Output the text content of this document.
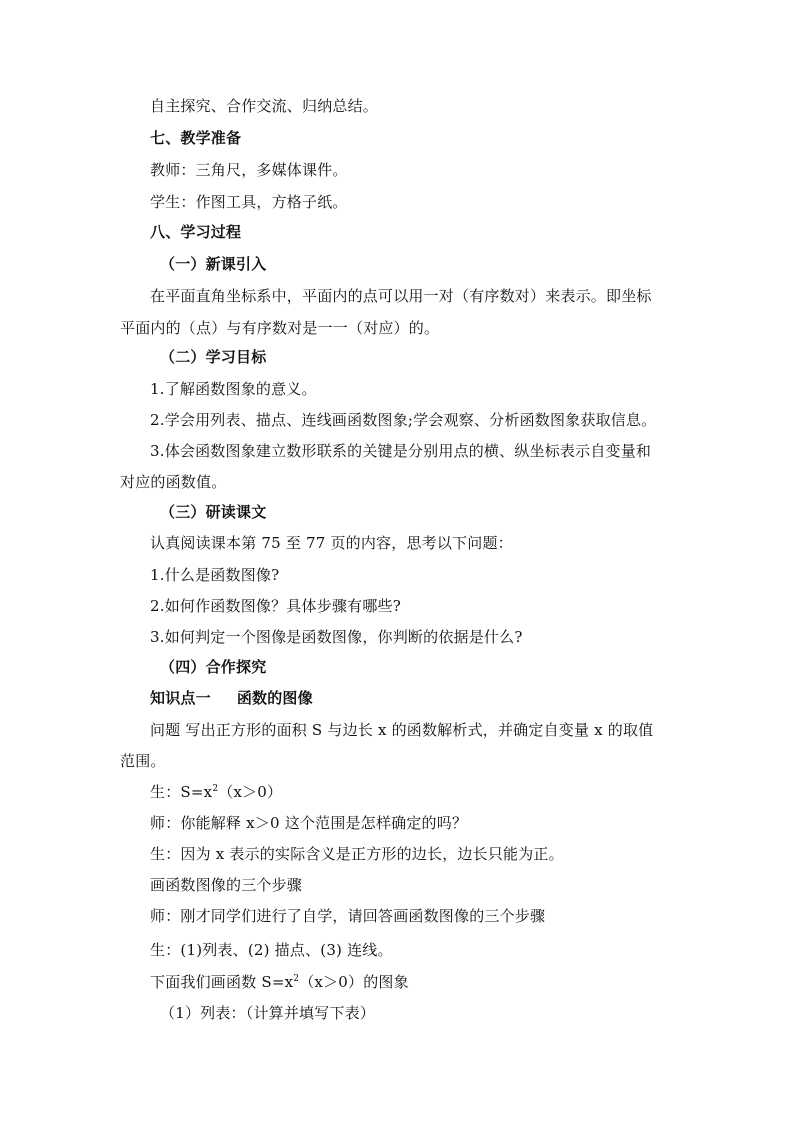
自主探究、合作交流、归纳总结。
七、教学准备
教师：三角尺，多媒体课件。
学生：作图工具，方格子纸。
八、学习过程
（一）新课引入
在平面直角坐标系中，平面内的点可以用一对（有序数对）来表示。即坐标
平面内的（点）与有序数对是一一（对应）的。
（二）学习目标
1.了解函数图象的意义。
2.学会用列表、描点、连线画函数图象;学会观察、分析函数图象获取信息。
3.体会函数图象建立数形联系的关键是分别用点的横、纵坐标表示自变量和
对应的函数值。
（三）研读课文
认真阅读课本第 75 至 77 页的内容，思考以下问题：
1.什么是函数图像?
2.如何作函数图像？具体步骤有哪些?
3.如何判定一个图像是函数图像，你判断的依据是什么?
（四）合作探究
知识点一 函数的图像
问题 写出正方形的面积 S 与边长 x 的函数解析式，并确定自变量 x 的取值
范围。
生：$S=x^2(x>0)$
师：你能解释 x＞0 这个范围是怎样确定的吗？
生：因为 x 表示的实际含义是正方形的边长，边长只能为正。
画函数图像的三个步骤
师：刚才同学们进行了自学，请回答画函数图像的三个步骤
生：(1)列表、(2) 描点、(3) 连线。
下面我们画函数 $S=x^2(x>0)$的图象
（1）列表：（计算并填写下表）
